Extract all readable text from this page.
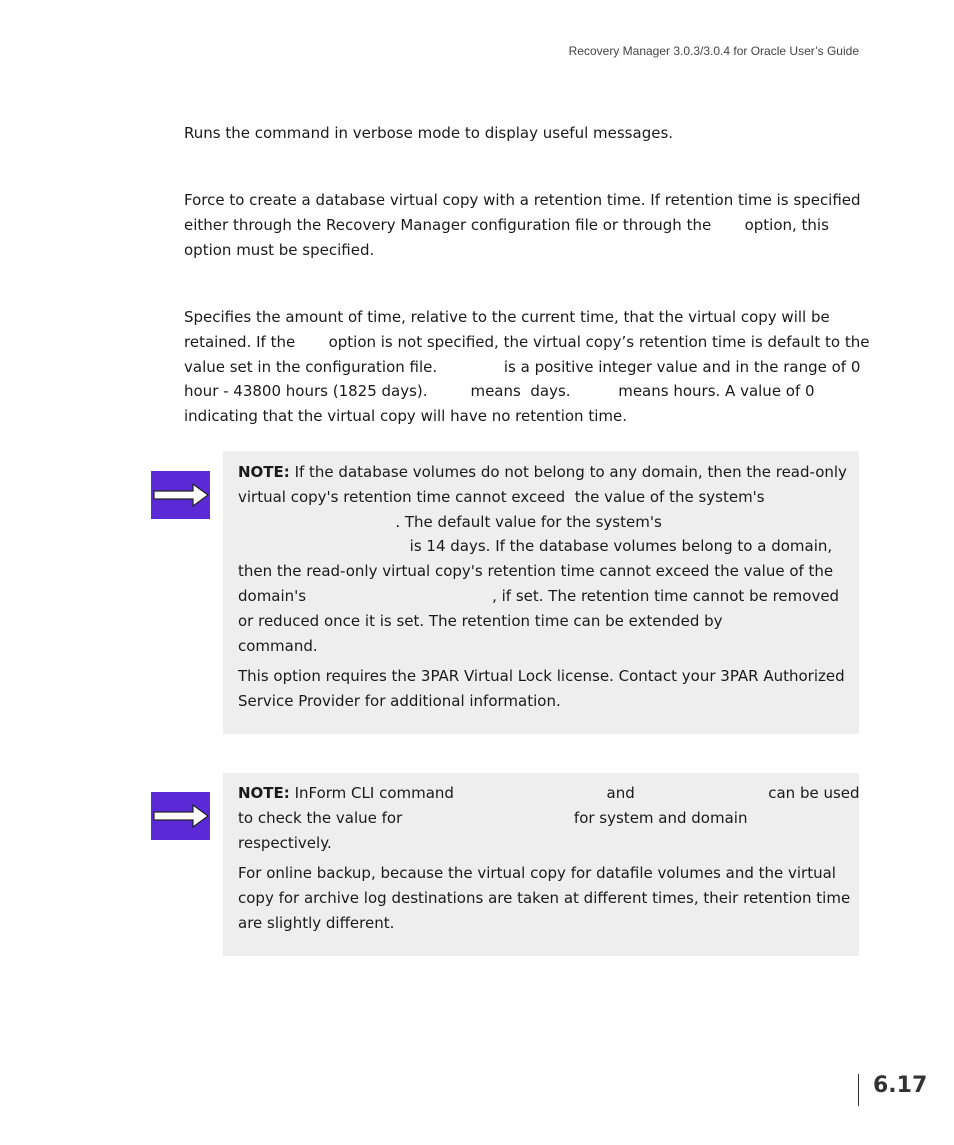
Recovery Manager 3.0.3/3.0.4 for Oracle User’s Guide
Runs the command in verbose mode to display useful messages.
Force to create a database virtual copy with a retention time. If retention time is specified
either through the Recovery Manager configuration file or through the       option, this
option must be specified.
Specifies the amount of time, relative to the current time, that the virtual copy will be
retained. If the       option is not specified, the virtual copy’s retention time is default to the
value set in the configuration file.              is a positive integer value and in the range of 0
hour - 43800 hours (1825 days).         means  days.          means hours. A value of 0
indicating that the virtual copy will have no retention time.
NOTE: If the database volumes do not belong to any domain, then the read-only
virtual copy's retention time cannot exceed  the value of the system's
. The default value for the system's
is 14 days. If the database volumes belong to a domain,
then the read-only virtual copy's retention time cannot exceed the value of the
domain's                                       , if set. The retention time cannot be removed
or reduced once it is set. The retention time can be extended by
command.
This option requires the 3PAR Virtual Lock license. Contact your 3PAR Authorized
Service Provider for additional information.
NOTE: InForm CLI command                                and                            can be used
to check the value for                                    for system and domain
respectively.
For online backup, because the virtual copy for datafile volumes and the virtual
copy for archive log destinations are taken at different times, their retention time
are slightly different.
6.17
